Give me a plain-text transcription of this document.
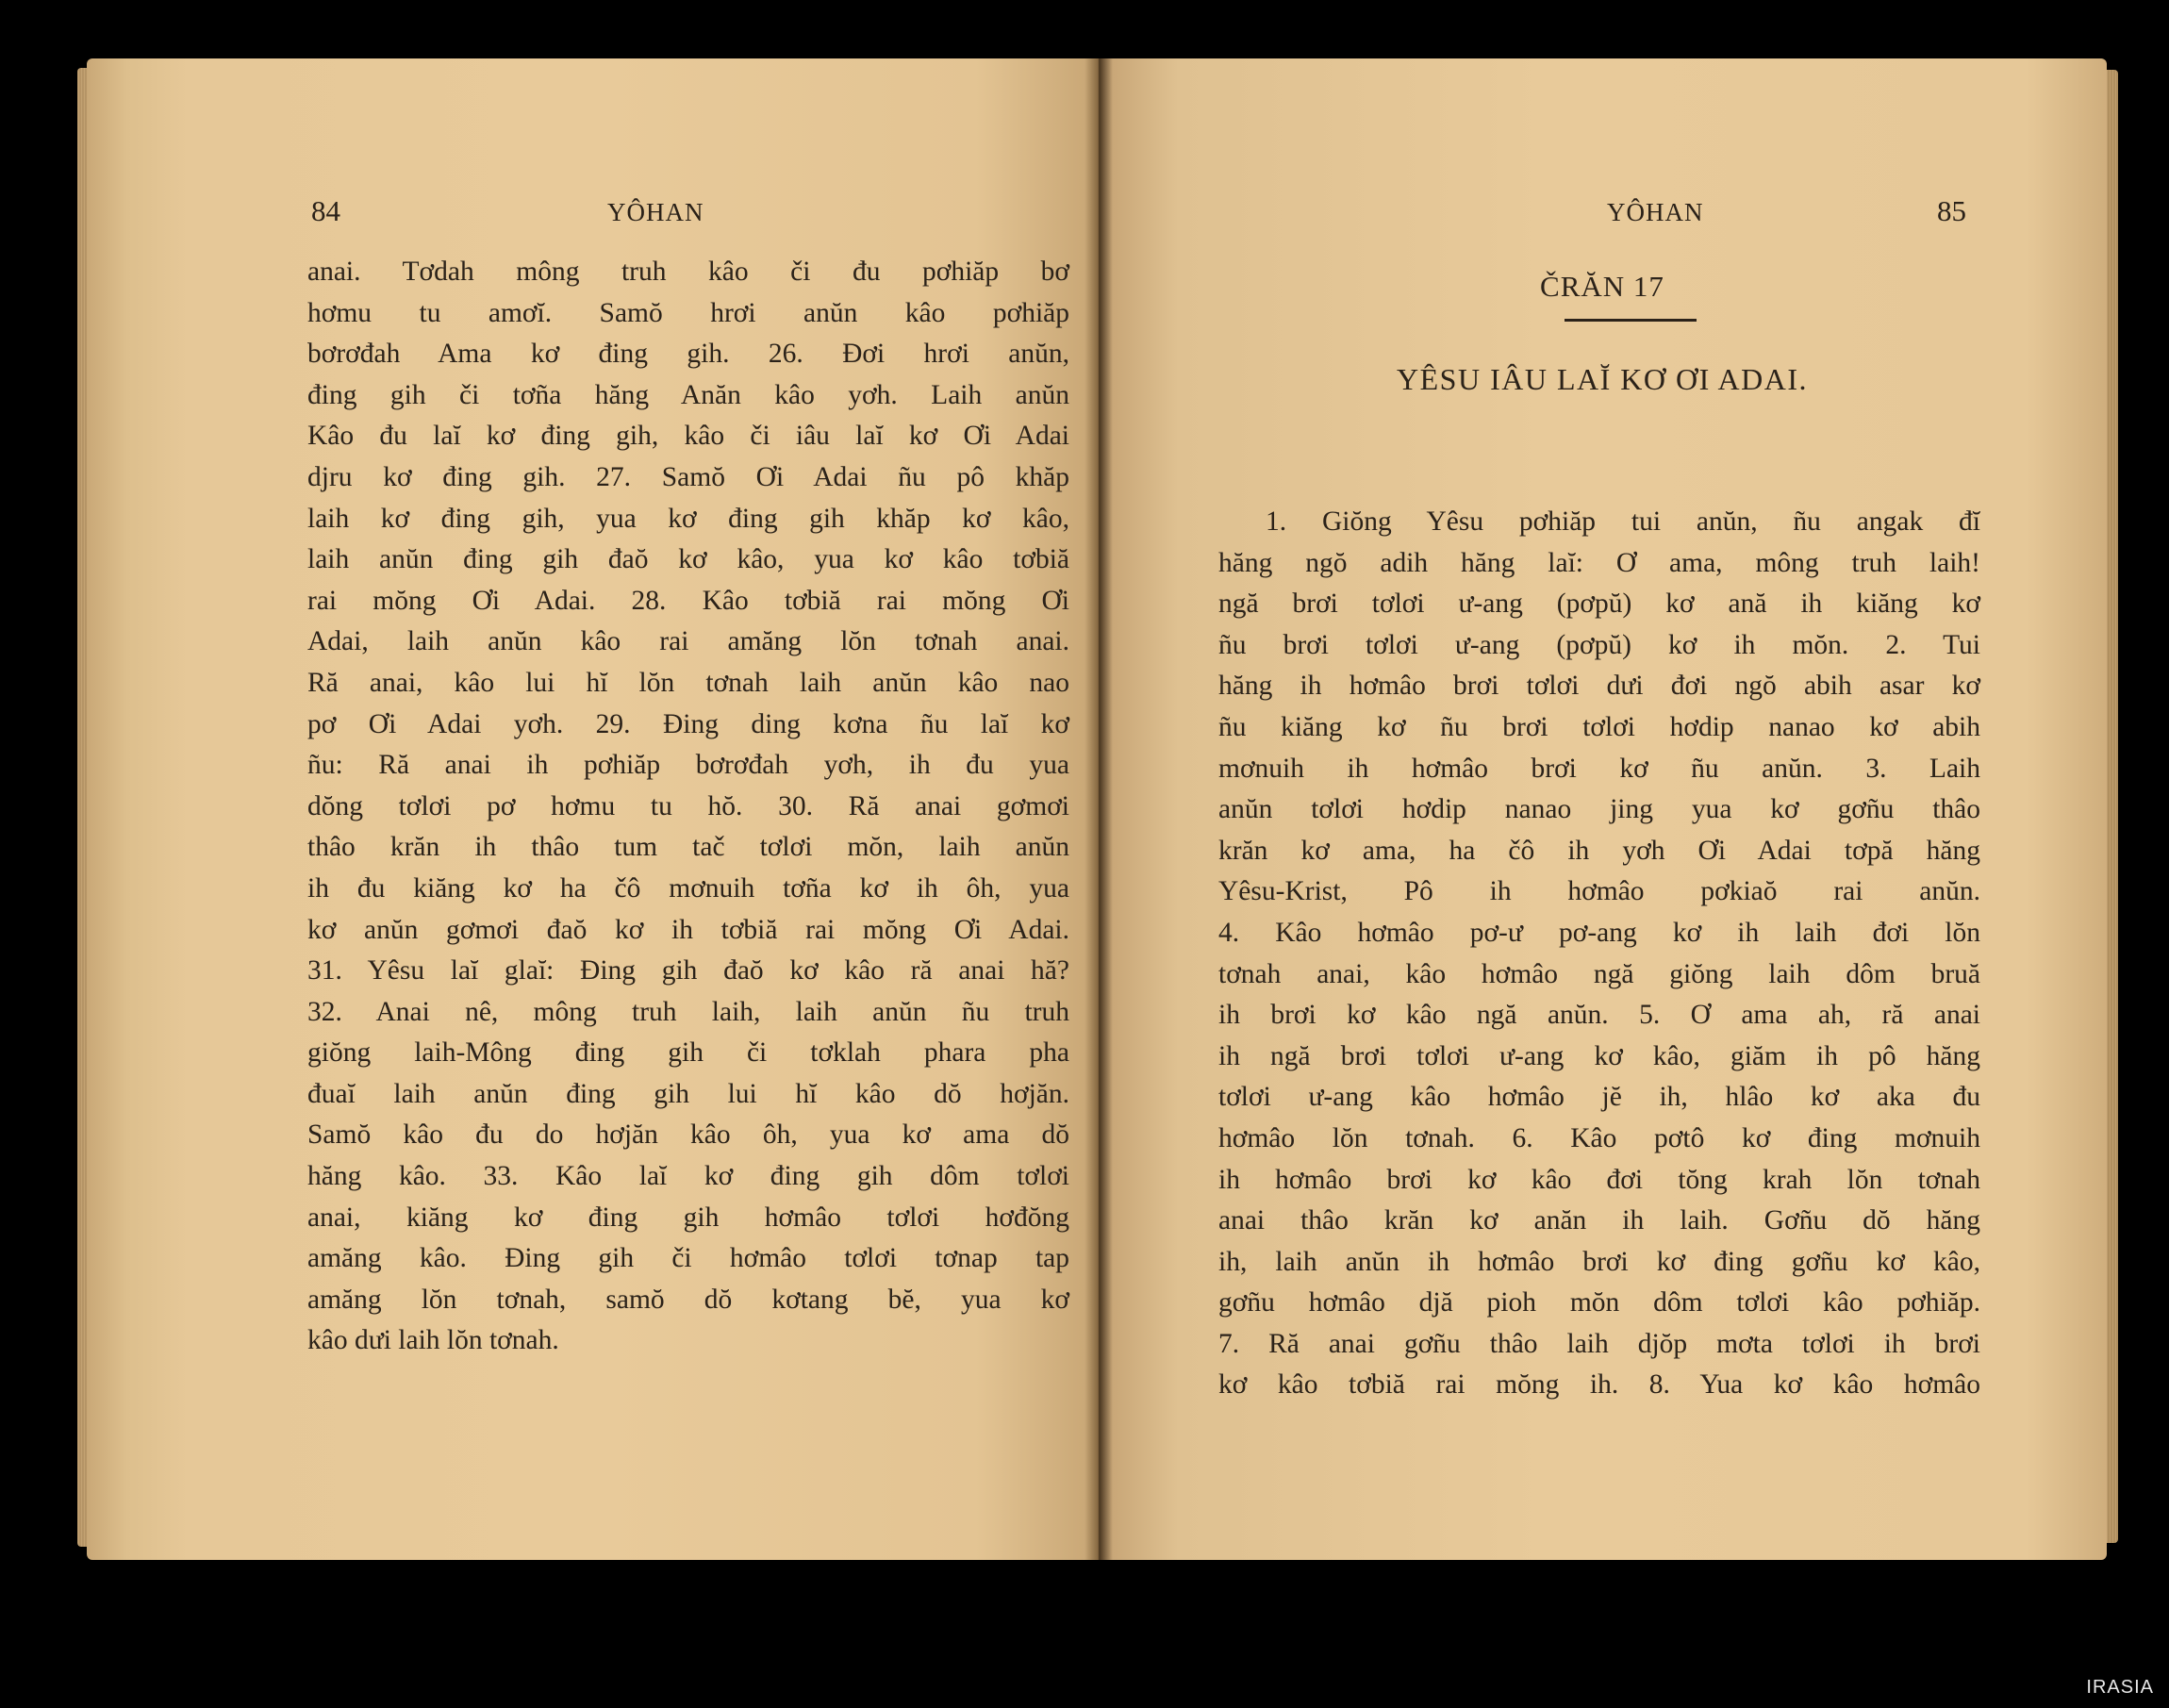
84	YÔHAN
anai. Tơdah mông truh kâo či đu pơhiăp bơ
hơmu tu amơĭ. Samŏ hrơi anŭn kâo pơhiăp
bơrơđah Ama kơ đing gih. 26. Đơi hrơi anŭn,
đing gih či tơña hăng Anăn kâo yơh. Laih anŭn
Kâo đu laĭ kơ đing gih, kâo či iâu laĭ kơ Ơi Adai
djru kơ đing gih. 27. Samŏ Ơi Adai ñu pô khăp
laih kơ đing gih, yua kơ đing gih khăp kơ kâo,
laih anŭn đing gih đaŏ kơ kâo, yua kơ kâo tơbiă
rai mŏng Ơi Adai. 28. Kâo tơbiă rai mŏng Ơi
Adai, laih anŭn kâo rai amăng lŏn tơnah anai.
Ră anai, kâo lui hĭ lŏn tơnah laih anŭn kâo nao
pơ Ơi Adai yơh. 29. Đing ding kơna ñu laĭ kơ
ñu: Ră anai ih pơhiăp bơrơđah yơh, ih đu yua
dŏng tơlơi pơ hơmu tu hŏ. 30. Ră anai gơmơi
thâo krăn ih thâo tum tač tơlơi mŏn, laih anŭn
ih đu kiăng kơ ha čô mơnuih tơña kơ ih ôh, yua
kơ anŭn gơmơi đaŏ kơ ih tơbiă rai mŏng Ơi Adai.
31. Yêsu laĭ glaĭ: Đing gih đaŏ kơ kâo ră anai hă?
32. Anai nê, mông truh laih, laih anŭn ñu truh
giŏng laih-Mông đing gih či tơklah phara pha
đuaĭ laih anŭn đing gih lui hĭ kâo dŏ hơjăn.
Samŏ kâo đu do hơjăn kâo ôh, yua kơ ama dŏ
hăng kâo. 33. Kâo laĭ kơ đing gih dôm tơlơi
anai, kiăng kơ đing gih hơmâo tơlơi hơđŏng
amăng kâo. Đing gih či hơmâo tơlơi tơnap tap
amăng lŏn tơnah, samŏ dŏ kơtang bĕ, yua kơ
kâo dưi laih lŏn tơnah.
YÔHAN	85
ČRĂN 17
YÊSU IÂU LAĬ KƠ ƠI ADAI.
1. Giŏng Yêsu pơhiăp tui anŭn, ñu angak đĭ
hăng ngŏ adih hăng laĭ: Ơ ama, mông truh laih!
ngă brơi tơlơi ư-ang (pơpŭ) kơ ană ih kiăng kơ
ñu brơi tơlơi ư-ang (pơpŭ) kơ ih mŏn. 2. Tui
hăng ih hơmâo brơi tơlơi dưi đơi ngŏ abih asar kơ
ñu kiăng kơ ñu brơi tơlơi hơdip nanao kơ abih
mơnuih ih hơmâo brơi kơ ñu anŭn. 3. Laih
anŭn tơlơi hơdip nanao jing yua kơ gơñu thâo
krăn kơ ama, ha čô ih yơh Ơi Adai tơpă hăng
Yêsu-Krist, Pô ih hơmâo pơkiaŏ rai anŭn.
4. Kâo hơmâo pơ-ư pơ-ang kơ ih laih đơi lŏn
tơnah anai, kâo hơmâo ngă giŏng laih dôm bruă
ih brơi kơ kâo ngă anŭn. 5. Ơ ama ah, ră anai
ih ngă brơi tơlơi ư-ang kơ kâo, giăm ih pô hăng
tơlơi ư-ang kâo hơmâo jĕ ih, hlâo kơ aka đu
hơmâo lŏn tơnah. 6. Kâo pơtô kơ đing mơnuih
ih hơmâo brơi kơ kâo đơi tŏng krah lŏn tơnah
anai thâo krăn kơ anăn ih laih. Gơñu dŏ hăng
ih, laih anŭn ih hơmâo brơi kơ đing gơñu kơ kâo,
gơñu hơmâo djă pioh mŏn dôm tơlơi kâo pơhiăp.
7. Ră anai gơñu thâo laih djŏp mơta tơlơi ih brơi
kơ kâo tơbiă rai mŏng ih. 8. Yua kơ kâo hơmâo
IRASIA
